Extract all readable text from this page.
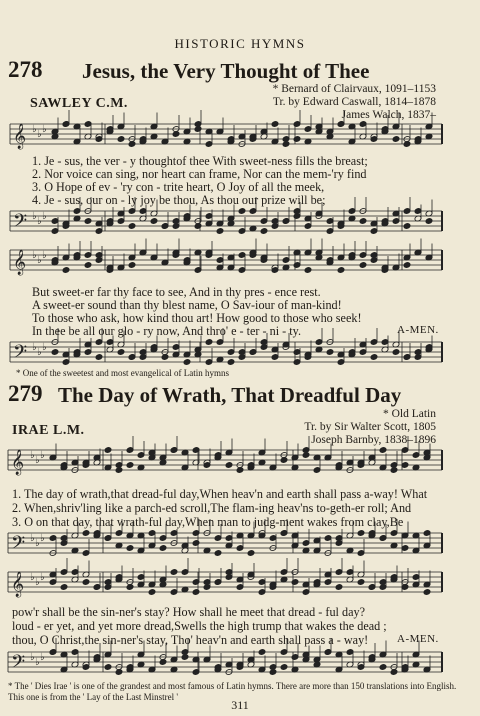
HISTORIC HYMNS
278 Jesus, the Very Thought of Thee
* Bernard of Clairvaux, 1091–1153
Tr. by Edward Caswall, 1814–1878
SAWLEY C.M.
James Walch, 1837–
𝄞 ♭ ♭ ♭
1. Je - sus, the ver - y thoughtof thee With sweet-ness fills the breast;
2. Nor voice can sing, nor heart can frame, Nor can the mem-'ry find
3. O Hope of ev - 'ry con - trite heart, O Joy of all the meek,
4. Je - sus, our on - ly joy be thou, As thou our prize will be;
𝄢 ♭ ♭ ♭
𝄞 ♭ ♭ ♭
But sweet-er far thy face to see, And in thy pres - ence rest.
A sweet-er sound than thy blest name, O Sav-iour of man-kind!
To those who ask, how kind thou art! How good to those who seek!
In thee be all our glo - ry now, And thro' e - ter - ni - ty.	A-MEN.
𝄢 ♭ ♭ ♭
* One of the sweetest and most evangelical of Latin hymns
279 The Day of Wrath, That Dreadful Day
* Old Latin
Tr. by Sir Walter Scott, 1805
IRAE L.M.
Joseph Barnby, 1838–1896
𝄞 ♭ ♭ ♭
1. The day of wrath,that dread-ful day,When heav'n and earth shall pass a-way! What
2. When,shriv'ling like a parch-ed scroll,The flam-ing heav'ns to-geth-er roll; And
3. O on that day, that wrath-ful day,When man to judg-ment wakes from clay,Be
𝄢 ♭ ♭ ♭
𝄞 ♭ ♭ ♭
pow'r shall be the sin-ner's stay? How shall he meet that dread - ful day?
loud - er yet, and yet more dread,Swells the high trump that wakes the dead ;
thou, O Christ,the sin-ner's stay, Tho' heav'n and earth shall pass a - way!	A-MEN.
𝄢 ♭ ♭ ♭
* The ' Dies Irae ' is one of the grandest and most famous of Latin hymns. There are more than 150 translations into English. This one is from the ' Lay of the Last Minstrel '
311
